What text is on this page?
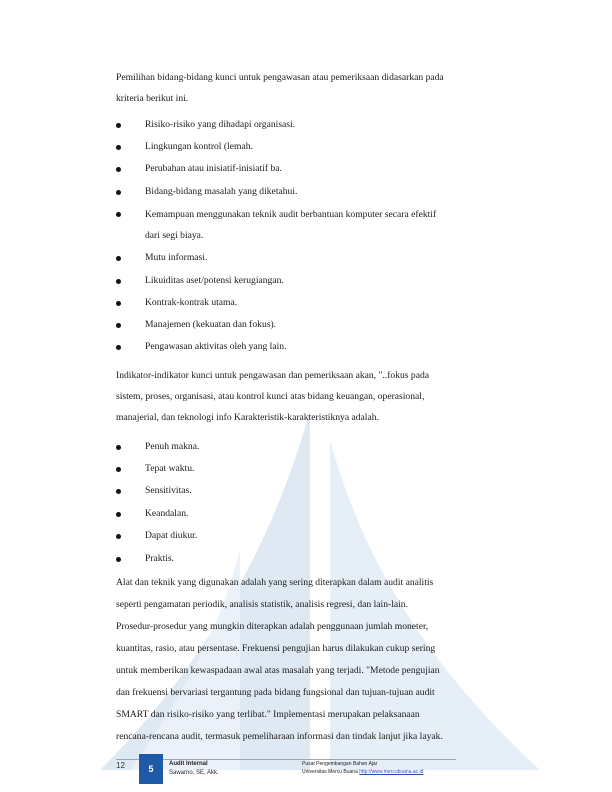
Pemilihan bidang-bidang kunci untuk pengawasan atau pemeriksaan didasarkan pada kriteria berikut ini.

Risiko-risiko yang dihadapi organisasi.
Lingkungan kontrol (lemah.
Perubahan atau inisiatif-inisiatif ba.
Bidang-bidang masalah yang diketahui.
Kemampuan menggunakan teknik audit berbantuan komputer secara efektif dari segi biaya.
Mutu informasi.
Likuiditas aset/potensi kerugiangan.
Kontrak-kontrak utama.
Manajemen (kekuatan dan fokus).
Pengawasan aktivitas oleh yang lain.

Indikator-indikator kunci untuk pengawasan dan pemeriksaan akan, "..fokus pada sistem, proses, organisasi, atau kontrol kunci atas bidang keuangan, operasional, manajerial, dan teknologi info Karakteristik-karakteristiknya adalah.

Penuh makna.
Tepat waktu.
Sensitivitas.
Keandalan.
Dapat diukur.
Praktis.

Alat dan teknik yang digunakan adalah yang sering diterapkan dalam audit analitis seperti pengamatan periodik, analisis statistik, analisis regresi, dan lain-lain. Prosedur-prosedur yang mungkin diterapkan adalah penggunaan jumlah moneter, kuantitas, rasio, atau persentase. Frekuensi pengujian harus dilakukan cukup sering untuk memberikan kewaspadaan awal atas masalah yang terjadi. "Metode pengujian dan frekuensi bervariasi tergantung pada bidang fungsional dan tujuan-tujuan audit SMART dan risiko-risiko yang terlibat." Implementasi merupakan pelaksanaan rencana-rencana audit, termasuk pemeliharaan informasi dan tindak lanjut jika layak.

12	5	Audit Internal
Sawarno, SE, Akk.
Pusat Pengembangan Bahan Ajar
Universitas Mercu Buana http://www.mercubuana.ac.id
